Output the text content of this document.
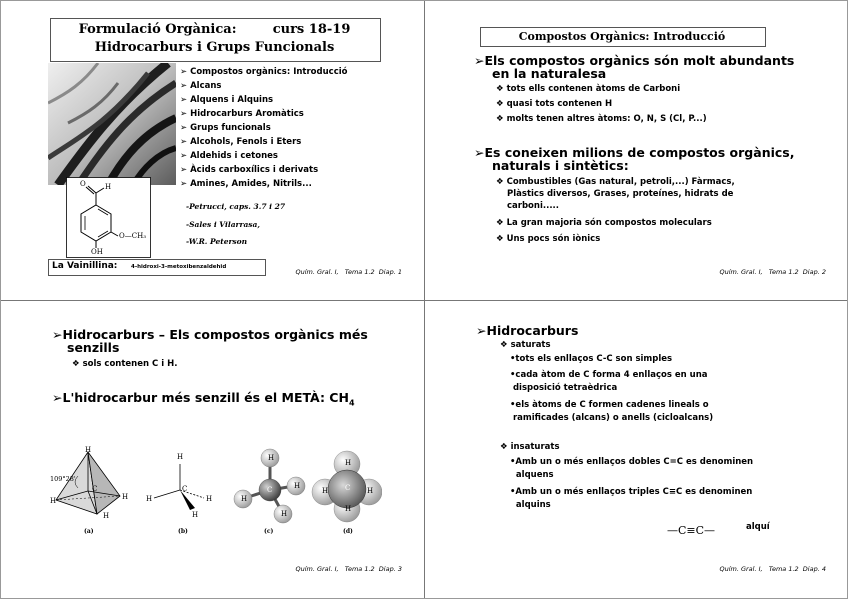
Formulació Orgànica:        curs 18-19
Hidrocarburs i Grups Funcionals
O	H
O—CH₃
OH
➢ Compostos orgànics: Introducció
➢ Alcans
➢ Alquens i Alquins
➢ Hidrocarburs Aromàtics
➢ Grups funcionals
➢ Alcohols, Fenols i Eters
➢ Aldehids i cetones
➢ Àcids carboxílics i derivats
➢ Amines, Amides, Nitrils...
-Petrucci, caps. 3.7 i 27
-Sales i Vilarrasa,
-W.R. Peterson
La Vainillina: 4-hidroxi-3-metoxibenzaldehid
Quím. Gral. I,   Tema 1.2  Diap. 1
Compostos Orgànics: Introducció
➢Els compostos orgànics són molt abundants
en la naturalesa
❖ tots ells contenen àtoms de Carboni
❖ quasi tots contenen H
❖ molts tenen altres àtoms: O, N, S (Cl, P...)
➢Es coneixen milions de compostos orgànics,
naturals i sintètics:
❖ Combustibles (Gas natural, petroli,...) Fàrmacs,
Plàstics diversos, Grases, proteínes, hidrats de
carboni.....
❖ La gran majoria són compostos moleculars
❖ Uns pocs són iònics
Quím. Gral. I,   Tema 1.2  Diap. 2
➢Hidrocarburs – Els compostos orgànics més
senzills
❖ sols contenen C i H.
➢L'hidrocarbur més senzill és el METÀ: $CH_4$
109°28'
H
C
H	H
H
H
C
H	H
H
H
C
H
H
H
H
C
H	H
H
(a)	(b)	(c)	(d)
Quím. Gral. I,   Tema 1.2  Diap. 3
➢Hidrocarburs
❖ saturats
•tots els enllaços C-C son simples
•cada àtom de C forma 4 enllaços en una
disposició tetraèdrica
•els àtoms de C formen cadenes lineals o
ramificades (alcans) o anells (cicloalcans)
❖ insaturats
•Amb un o més enllaços dobles C=C es denominen
alquens
•Amb un o més enllaços triples C≡C es denominen
alquins
—C≡C—	alquí
Quím. Gral. I,   Tema 1.2  Diap. 4
